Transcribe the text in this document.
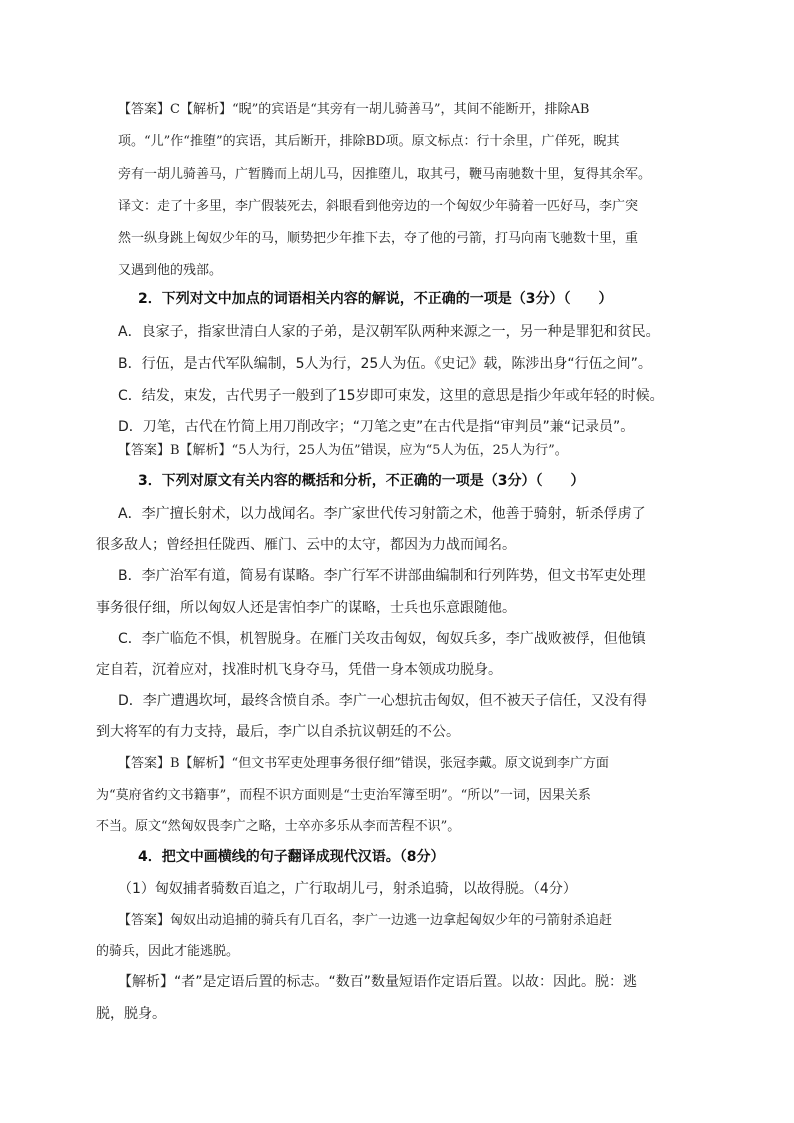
【答案】C【解析】“睨”的宾语是“其旁有一胡儿骑善马”，其间不能断开，排除AB
项。“儿”作“推堕”的宾语，其后断开，排除BD项。原文标点：行十余里，广佯死，睨其
旁有一胡儿骑善马，广暂腾而上胡儿马，因推堕儿，取其弓，鞭马南驰数十里，复得其余军。
译文：走了十多里，李广假装死去，斜眼看到他旁边的一个匈奴少年骑着一匹好马，李广突
然一纵身跳上匈奴少年的马，顺势把少年推下去，夺了他的弓箭，打马向南飞驰数十里，重
又遇到他的残部。
2．下列对文中加点的词语相关内容的解说，不正确的一项是（3分）（　　）
A．良家子，指家世清白人家的子弟，是汉朝军队两种来源之一，另一种是罪犯和贫民。
B．行伍，是古代军队编制，5人为行，25人为伍。《史记》载，陈涉出身“行伍之间”。
C．结发，束发，古代男子一般到了15岁即可束发，这里的意思是指少年或年轻的时候。
D．刀笔，古代在竹简上用刀削改字；“刀笔之吏”在古代是指“审判员”兼“记录员”。
【答案】B【解析】“5人为行，25人为伍”错误，应为“5人为伍，25人为行”。
3．下列对原文有关内容的概括和分析，不正确的一项是（3分）（　　）
A．李广擅长射术，以力战闻名。李广家世代传习射箭之术，他善于骑射，斩杀俘虏了
很多敌人；曾经担任陇西、雁门、云中的太守，都因为力战而闻名。
B．李广治军有道，简易有谋略。李广行军不讲部曲编制和行列阵势，但文书军吏处理
事务很仔细，所以匈奴人还是害怕李广的谋略，士兵也乐意跟随他。
C．李广临危不惧，机智脱身。在雁门关攻击匈奴，匈奴兵多，李广战败被俘，但他镇
定自若，沉着应对，找准时机飞身夺马，凭借一身本领成功脱身。
D．李广遭遇坎坷，最终含愤自杀。李广一心想抗击匈奴，但不被天子信任，又没有得
到大将军的有力支持，最后，李广以自杀抗议朝廷的不公。
【答案】B【解析】“但文书军吏处理事务很仔细”错误，张冠李戴。原文说到李广方面
为“莫府省约文书籍事”，而程不识方面则是“士吏治军簿至明”。“所以”一词，因果关系
不当。原文“然匈奴畏李广之略，士卒亦多乐从李而苦程不识”。
4．把文中画横线的句子翻译成现代汉语。（8分）
（1）匈奴捕者骑数百追之，广行取胡儿弓，射杀追骑，以故得脱。（4分）
【答案】匈奴出动追捕的骑兵有几百名，李广一边逃一边拿起匈奴少年的弓箭射杀追赶
的骑兵，因此才能逃脱。
【解析】“者”是定语后置的标志。“数百”数量短语作定语后置。以故：因此。脱：逃
脱，脱身。
